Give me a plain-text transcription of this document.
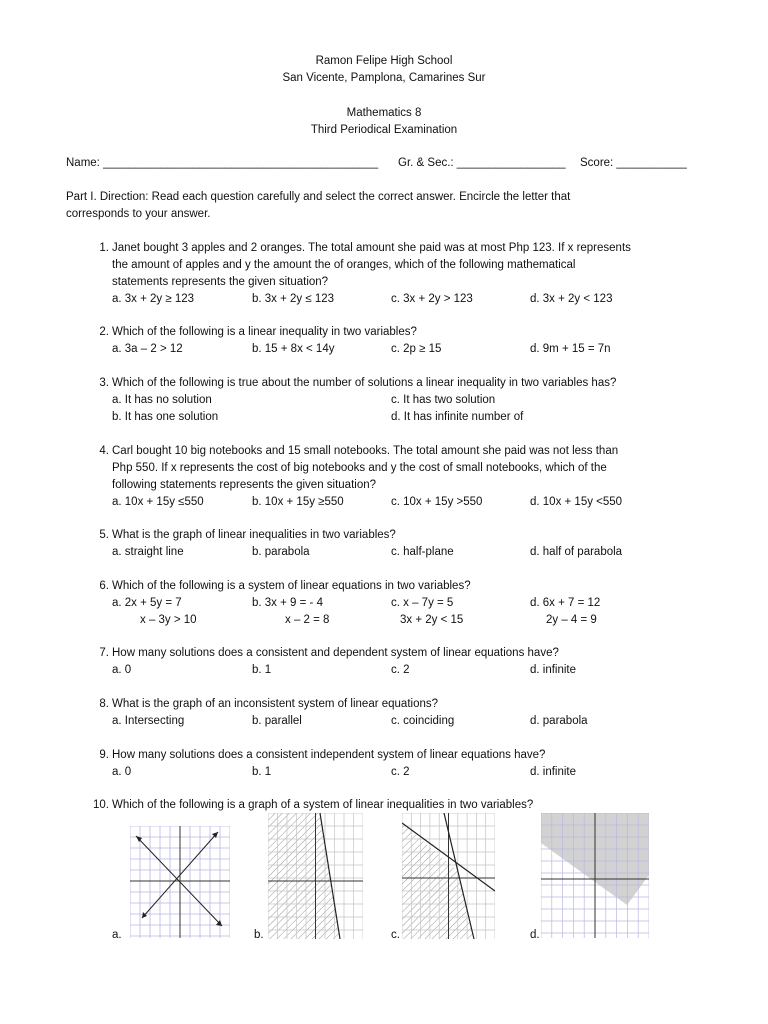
Ramon Felipe High School
San Vicente, Pamplona, Camarines Sur
Mathematics 8
Third Periodical Examination
Name: ___________________________________________ Gr. & Sec.: _________________ Score: ___________
Part I. Direction: Read each question carefully and select the correct answer. Encircle the letter that
corresponds to your answer.
1. Janet bought 3 apples and 2 oranges. The total amount she paid was at most Php 123. If x represents
the amount of apples and y the amount the of oranges, which of the following mathematical
statements represents the given situation?
a. 3x + 2y ≥ 123	b. 3x + 2y ≤ 123	c. 3x + 2y > 123	d. 3x + 2y < 123
2. Which of the following is a linear inequality in two variables?
a. 3a – 2 > 12	b. 15 + 8x < 14y	c. 2p ≥ 15	d. 9m + 15 = 7n
3. Which of the following is true about the number of solutions a linear inequality in two variables has?
a. It has no solution	c. It has two solution
b. It has one solution	d. It has infinite number of
4. Carl bought 10 big notebooks and 15 small notebooks. The total amount she paid was not less than
Php 550. If x represents the cost of big notebooks and y the cost of small notebooks, which of the
following statements represents the given situation?
a. 10x + 15y ≤550	b. 10x + 15y ≥550	c. 10x + 15y >550	d. 10x + 15y <550
5. What is the graph of linear inequalities in two variables?
a. straight line	b. parabola	c. half-plane	d. half of parabola
6. Which of the following is a system of linear equations in two variables?
a. 2x + 5y = 7	b. 3x + 9 = - 4	c. x – 7y = 5	d. 6x + 7 = 12
x – 3y > 10	x – 2 = 8	3x + 2y < 15	2y – 4 = 9
7. How many solutions does a consistent and dependent system of linear equations have?
a. 0	b. 1	c. 2	d. infinite
8. What is the graph of an inconsistent system of linear equations?
a. Intersecting	b. parallel	c. coinciding	d. parabola
9. How many solutions does a consistent independent system of linear equations have?
a. 0	b. 1	c. 2	d. infinite
10. Which of the following is a graph of a system of linear inequalities in two variables?
a.	b.	c.	d.
